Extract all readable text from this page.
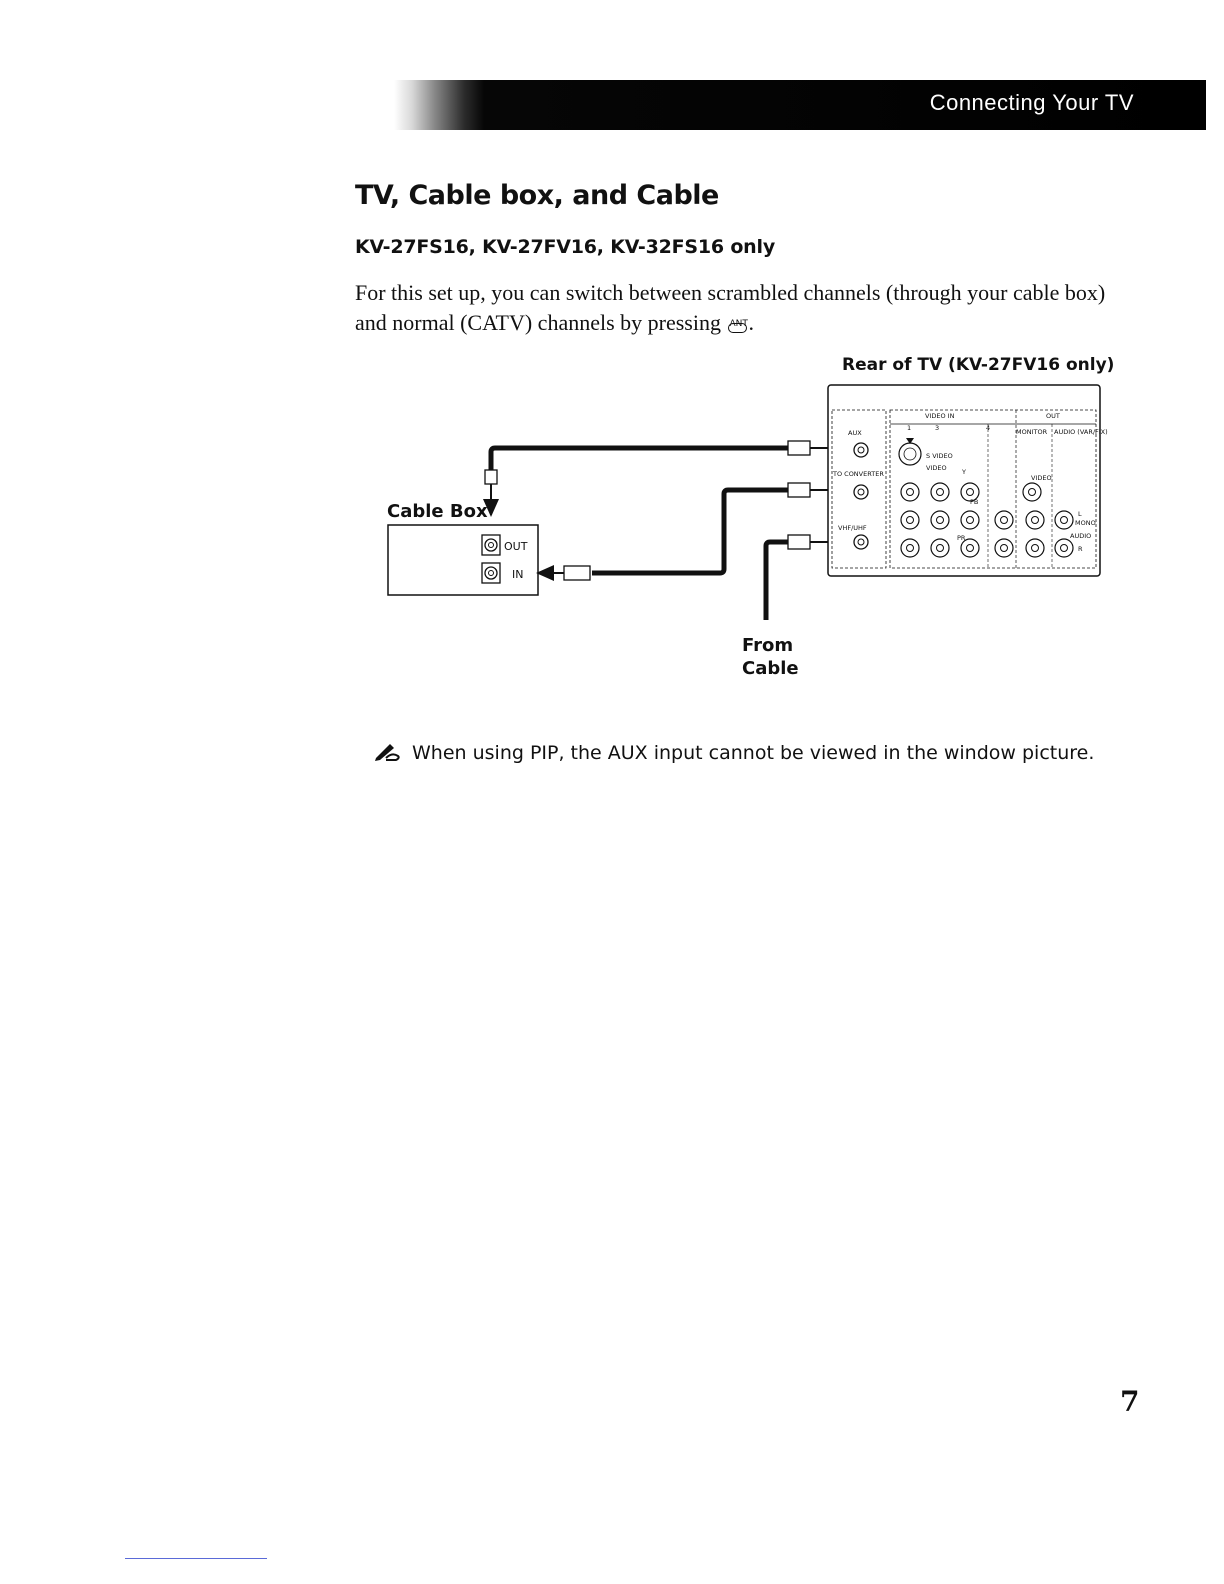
Connecting Your TV
TV, Cable box, and Cable
KV-27FS16, KV-27FV16, KV-32FS16 only
For this set up, you can switch between scrambled channels (through your cable box) and normal (CATV) channels by pressing ANT .
Rear of TV (KV-27FV16 only)
Cable Box
From
Cable
OUT
IN
VIDEO IN	OUT
1	3	4	MONITOR AUDIO (VAR/FIX)
AUX
TO CONVERTER
VHF/UHF
S VIDEO
VIDEO
VIDEO
Y
PB
PR
L
MONO
AUDIO
R
When using PIP, the AUX input cannot be viewed in the window picture.
7
